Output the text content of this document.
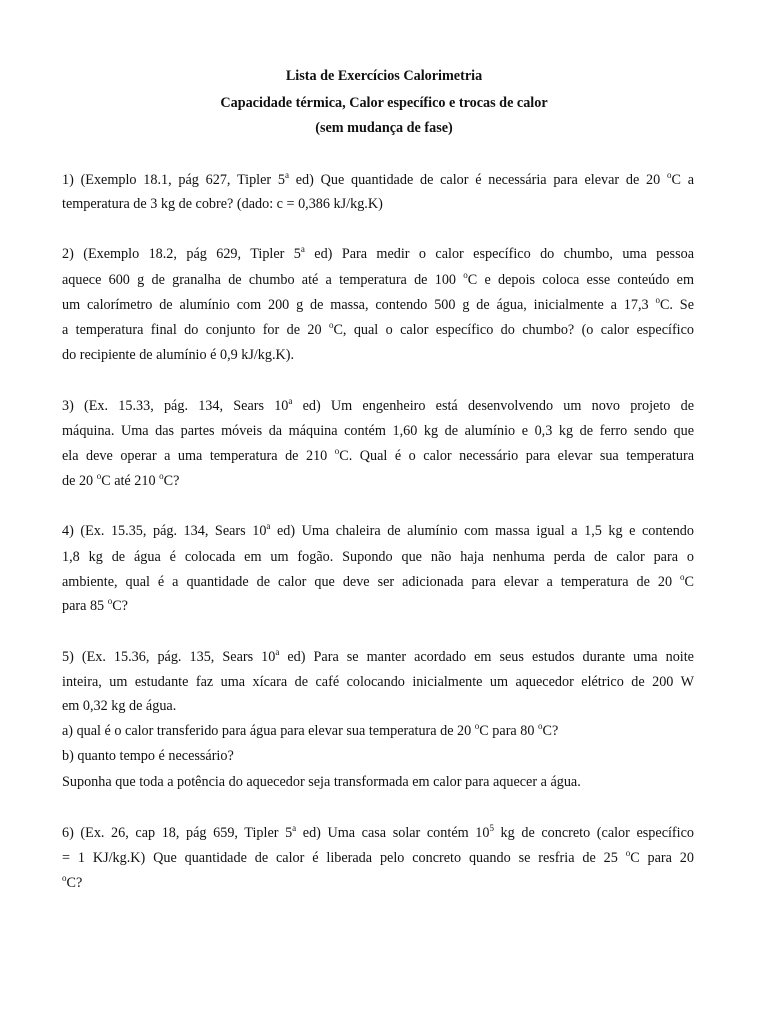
Lista de Exercícios Calorimetria
Capacidade térmica, Calor específico e trocas de calor
(sem mudança de fase)
1) (Exemplo 18.1, pág 627, Tipler 5$^a$ ed) Que quantidade de calor é necessária para elevar de 20 $^o$C a
temperatura de 3 kg de cobre? (dado: c = 0,386 kJ/kg.K)
2) (Exemplo 18.2, pág 629, Tipler 5$^a$ ed) Para medir o calor específico do chumbo, uma pessoa
aquece 600 g de granalha de chumbo até a temperatura de 100 $^o$C e depois coloca esse conteúdo em
um calorímetro de alumínio com 200 g de massa, contendo 500 g de água, inicialmente a 17,3 $^o$C. Se
a temperatura final do conjunto for de 20 $^o$C, qual o calor específico do chumbo? (o calor específico
do recipiente de alumínio é 0,9 kJ/kg.K).
3) (Ex. 15.33, pág. 134, Sears 10$^a$ ed) Um engenheiro está desenvolvendo um novo projeto de
máquina. Uma das partes móveis da máquina contém 1,60 kg de alumínio e 0,3 kg de ferro sendo que
ela deve operar a uma temperatura de 210 $^o$C. Qual é o calor necessário para elevar sua temperatura
de 20 $^o$C até 210 $^o$C?
4) (Ex. 15.35, pág. 134, Sears 10$^a$ ed) Uma chaleira de alumínio com massa igual a 1,5 kg e contendo
1,8 kg de água é colocada em um fogão. Supondo que não haja nenhuma perda de calor para o
ambiente, qual é a quantidade de calor que deve ser adicionada para elevar a temperatura de 20 $^o$C
para 85 $^o$C?
5) (Ex. 15.36, pág. 135, Sears 10$^a$ ed) Para se manter acordado em seus estudos durante uma noite
inteira, um estudante faz uma xícara de café colocando inicialmente um aquecedor elétrico de 200 W
em 0,32 kg de água.
a) qual é o calor transferido para água para elevar sua temperatura de 20 $^o$C para 80 $^o$C?
b) quanto tempo é necessário?
Suponha que toda a potência do aquecedor seja transformada em calor para aquecer a água.
6) (Ex. 26, cap 18, pág 659, Tipler 5$^a$ ed) Uma casa solar contém $10^5$ kg de concreto (calor específico
= 1 KJ/kg.K) Que quantidade de calor é liberada pelo concreto quando se resfria de 25 $^o$C para 20
$^o$C?
